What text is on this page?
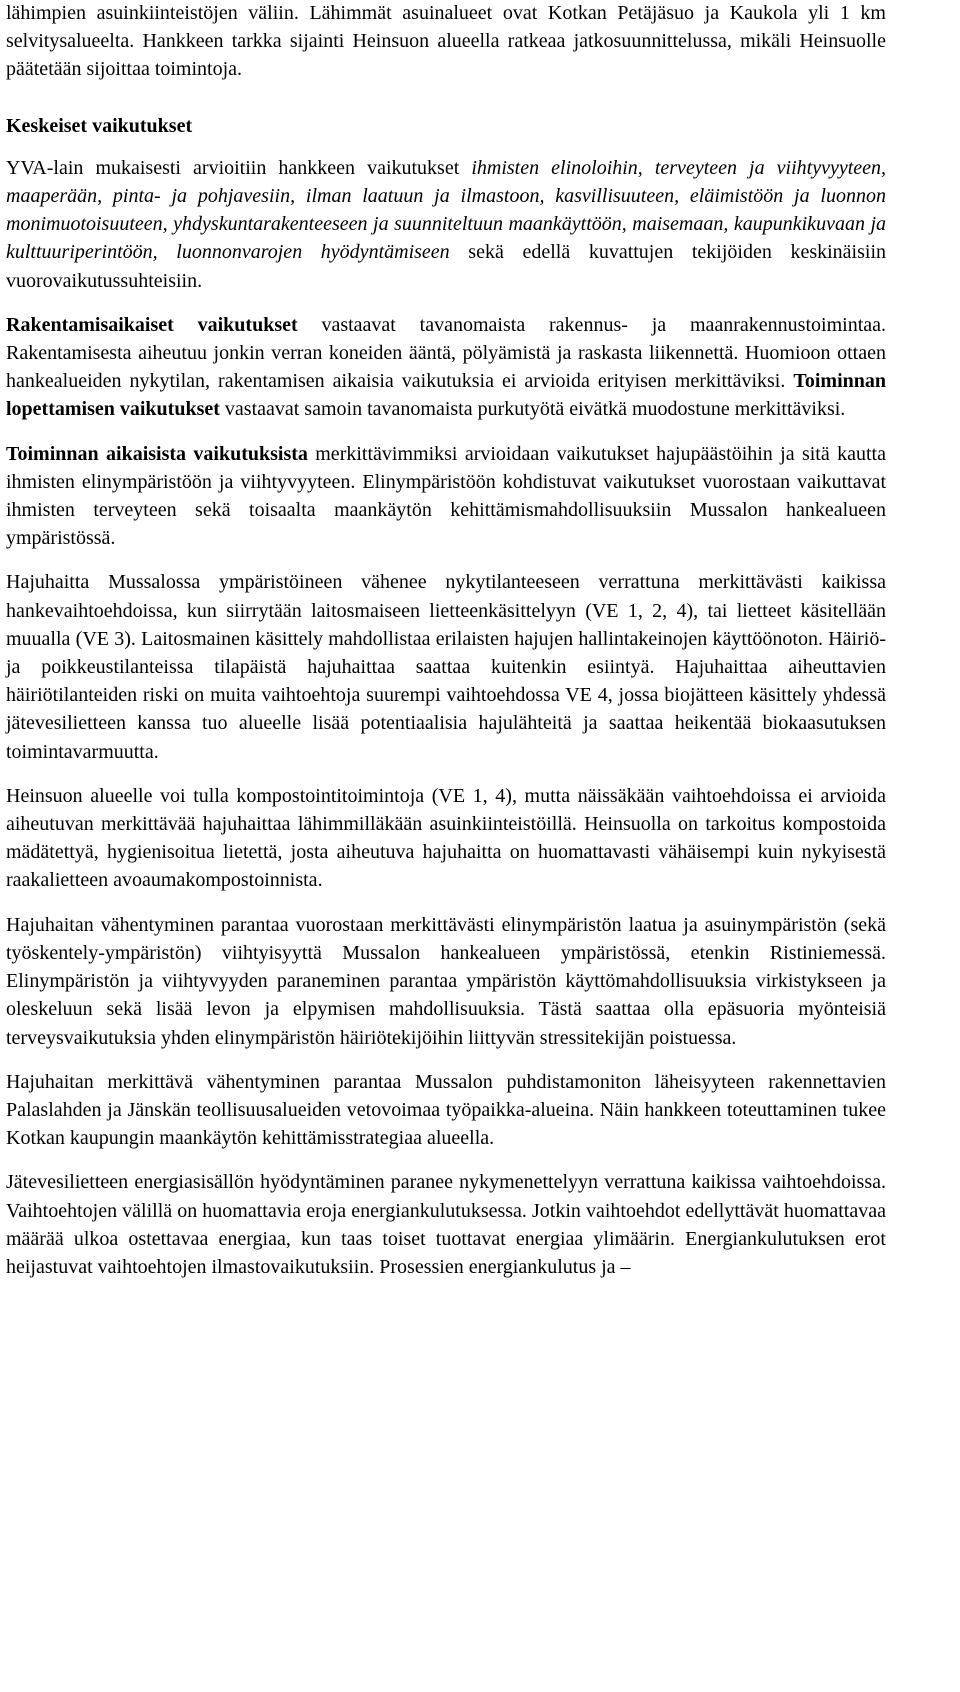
lähimpien asuinkiinteistöjen väliin. Lähimmät asuinalueet ovat Kotkan Petäjäsuo ja Kaukola yli 1 km selvitysalueelta. Hankkeen tarkka sijainti Heinsuon alueella ratkeaa jatkosuunnittelussa, mikäli Heinsuolle päätetään sijoittaa toimintoja.

Keskeiset vaikutukset

YVA-lain mukaisesti arvioitiin hankkeen vaikutukset ihmisten elinoloihin, terveyteen ja viihtyvyyteen, maaperään, pinta- ja pohjavesiin, ilman laatuun ja ilmastoon, kasvillisuuteen, eläimistöön ja luonnon monimuotoisuuteen, yhdyskuntarakenteeseen ja suunniteltuun maankäyttöön, maisemaan, kaupunkikuvaan ja kulttuuriperintöön, luonnonvarojen hyödyntämiseen sekä edellä kuvattujen tekijöiden keskinäisiin vuorovaikutussuhteisiin.

Rakentamisaikaiset vaikutukset vastaavat tavanomaista rakennus- ja maanrakennustoimintaa. Rakentamisesta aiheutuu jonkin verran koneiden ääntä, pölyämistä ja raskasta liikennettä. Huomioon ottaen hankealueiden nykytilan, rakentamisen aikaisia vaikutuksia ei arvioida erityisen merkittäviksi. Toiminnan lopettamisen vaikutukset vastaavat samoin tavanomaista purkutyötä eivätkä muodostune merkittäviksi.

Toiminnan aikaisista vaikutuksista merkittävimmiksi arvioidaan vaikutukset hajupäästöihin ja sitä kautta ihmisten elinympäristöön ja viihtyvyyteen. Elinympäristöön kohdistuvat vaikutukset vuorostaan vaikuttavat ihmisten terveyteen sekä toisaalta maankäytön kehittämismahdollisuuksiin Mussalon hankealueen ympäristössä.

Hajuhaitta Mussalossa ympäristöineen vähenee nykytilanteeseen verrattuna merkittävästi kaikissa hankevaihtoehdoissa, kun siirrytään laitosmaiseen lietteenkäsittelyyn (VE 1, 2, 4), tai lietteet käsitellään muualla (VE 3). Laitosmainen käsittely mahdollistaa erilaisten hajujen hallintakeinojen käyttöönoton. Häiriö- ja poikkeustilanteissa tilapäistä hajuhaittaa saattaa kuitenkin esiintyä. Hajuhaittaa aiheuttavien häiriötilanteiden riski on muita vaihtoehtoja suurempi vaihtoehdossa VE 4, jossa biojätteen käsittely yhdessä jätevesilietteen kanssa tuo alueelle lisää potentiaalisia hajulähteitä ja saattaa heikentää biokaasutuksen toimintavarmuutta.

Heinsuon alueelle voi tulla kompostointitoimintoja (VE 1, 4), mutta näissäkään vaihtoehdoissa ei arvioida aiheutuvan merkittävää hajuhaittaa lähimmilläkään asuinkiinteistöillä. Heinsuolla on tarkoitus kompostoida mädätettyä, hygienisoitua lietettä, josta aiheutuva hajuhaitta on huomattavasti vähäisempi kuin nykyisestä raakalietteen avoaumakompostoinnista.

Hajuhaitan vähentyminen parantaa vuorostaan merkittävästi elinympäristön laatua ja asuinympäristön (sekä työskentely-ympäristön) viihtyisyyttä Mussalon hankealueen ympäristössä, etenkin Ristiniemessä. Elinympäristön ja viihtyvyyden paraneminen parantaa ympäristön käyttömahdollisuuksia virkistykseen ja oleskeluun sekä lisää levon ja elpymisen mahdollisuuksia. Tästä saattaa olla epäsuoria myönteisiä terveysvaikutuksia yhden elinympäristön häiriötekijöihin liittyvän stressitekijän poistuessa.

Hajuhaitan merkittävä vähentyminen parantaa Mussalon puhdistamoniton läheisyyteen rakennettavien Palaslahden ja Jänskän teollisuusalueiden vetovoimaa työpaikka-alueina. Näin hankkeen toteuttaminen tukee Kotkan kaupungin maankäytön kehittämisstrategiaa alueella.

Jätevesilietteen energiasisällön hyödyntäminen paranee nykymenettelyyn verrattuna kaikissa vaihtoehdoissa. Vaihtoehtojen välillä on huomattavia eroja energiankulutuksessa. Jotkin vaihtoehdot edellyttävät huomattavaa määrää ulkoa ostettavaa energiaa, kun taas toiset tuottavat energiaa ylimäärin. Energiankulutuksen erot heijastuvat vaihtoehtojen ilmastovaikutuksiin. Prosessien energiankulutus ja –
